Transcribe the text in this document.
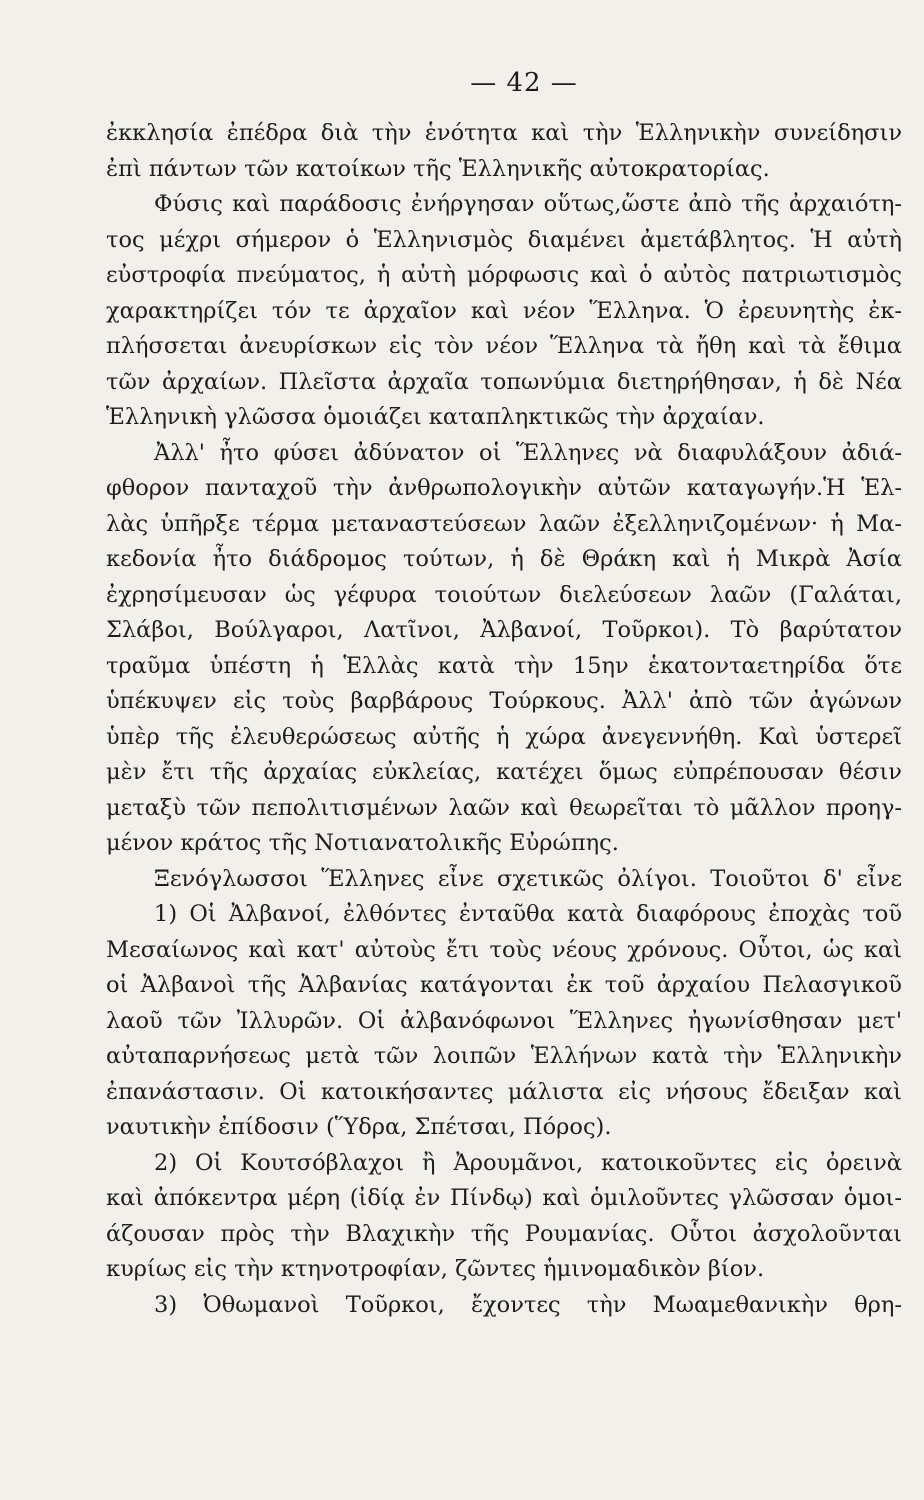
— 42 —
ἐκκλησία ἐπέδρα διὰ τὴν ἑνότητα καὶ τὴν Ἑλληνικὴν συνείδησιν
ἐπὶ πάντων τῶν κατοίκων τῆς Ἑλληνικῆς αὐτοκρατορίας.
Φύσις καὶ παράδοσις ἐνήργησαν οὕτως,ὥστε ἀπὸ τῆς ἀρχαιότη-
τος μέχρι σήμερον ὁ Ἑλληνισμὸς διαμένει ἀμετάβλητος. Ἡ αὐτὴ
εὐστροφία πνεύματος, ἡ αὐτὴ μόρφωσις καὶ ὁ αὐτὸς πατριωτισμὸς
χαρακτηρίζει τόν τε ἀρχαῖον καὶ νέον Ἕλληνα. Ὁ ἐρευνητὴς ἐκ-
πλήσσεται ἀνευρίσκων εἰς τὸν νέον Ἕλληνα τὰ ἤθη καὶ τὰ ἔθιμα
τῶν ἀρχαίων. Πλεῖστα ἀρχαῖα τοπωνύμια διετηρήθησαν, ἡ δὲ Νέα
Ἑλληνικὴ γλῶσσα ὁμοιάζει καταπληκτικῶς τὴν ἀρχαίαν.
Ἀλλ' ἦτο φύσει ἀδύνατον οἱ Ἕλληνες νὰ διαφυλάξουν ἀδιά-
φθορον πανταχοῦ τὴν ἀνθρωπολογικὴν αὐτῶν καταγωγήν.Ἡ Ἑλ-
λὰς ὑπῆρξε τέρμα μεταναστεύσεων λαῶν ἐξελληνιζομένων· ἡ Μα-
κεδονία ἦτο διάδρομος τούτων, ἡ δὲ Θράκη καὶ ἡ Μικρὰ Ἀσία
ἐχρησίμευσαν ὡς γέφυρα τοιούτων διελεύσεων λαῶν (Γαλάται,
Σλάβοι, Βούλγαροι, Λατῖνοι, Ἀλβανοί, Τοῦρκοι). Τὸ βαρύτατον
τραῦμα ὑπέστη ἡ Ἑλλὰς κατὰ τὴν 15ην ἑκατονταετηρίδα ὅτε
ὑπέκυψεν εἰς τοὺς βαρβάρους Τούρκους. Ἀλλ' ἀπὸ τῶν ἀγώνων
ὑπὲρ τῆς ἐλευθερώσεως αὐτῆς ἡ χώρα ἀνεγεννήθη. Καὶ ὑστερεῖ
μὲν ἔτι τῆς ἀρχαίας εὐκλείας, κατέχει ὅμως εὐπρέπουσαν θέσιν
μεταξὺ τῶν πεπολιτισμένων λαῶν καὶ θεωρεῖται τὸ μᾶλλον προηγ-
μένον κράτος τῆς Νοτιανατολικῆς Εὐρώπης.
Ξενόγλωσσοι Ἕλληνες εἶνε σχετικῶς ὀλίγοι. Τοιοῦτοι δ' εἶνε
1) Οἱ Ἀλβανοί, ἐλθόντες ἐνταῦθα κατὰ διαφόρους ἐποχὰς τοῦ
Μεσαίωνος καὶ κατ' αὐτοὺς ἔτι τοὺς νέους χρόνους. Οὗτοι, ὡς καὶ
οἱ Ἀλβανοὶ τῆς Ἀλβανίας κατάγονται ἐκ τοῦ ἀρχαίου Πελασγικοῦ
λαοῦ τῶν Ἰλλυρῶν. Οἱ ἀλβανόφωνοι Ἕλληνες ἠγωνίσθησαν μετ'
αὐταπαρνήσεως μετὰ τῶν λοιπῶν Ἑλλήνων κατὰ τὴν Ἑλληνικὴν
ἐπανάστασιν. Οἱ κατοικήσαντες μάλιστα εἰς νήσους ἔδειξαν καὶ
ναυτικὴν ἐπίδοσιν (Ὕδρα, Σπέτσαι, Πόρος).
2) Οἱ Κουτσόβλαχοι ἢ Ἀρουμᾶνοι, κατοικοῦντες εἰς ὀρεινὰ
καὶ ἀπόκεντρα μέρη (ἰδίᾳ ἐν Πίνδῳ) καὶ ὁμιλοῦντες γλῶσσαν ὁμοι-
άζουσαν πρὸς τὴν Βλαχικὴν τῆς Ρουμανίας. Οὗτοι ἀσχολοῦνται
κυρίως εἰς τὴν κτηνοτροφίαν, ζῶντες ἡμινομαδικὸν βίον.
3) Ὀθωμανοὶ Τοῦρκοι, ἔχοντες τὴν Μωαμεθανικὴν θρη-
